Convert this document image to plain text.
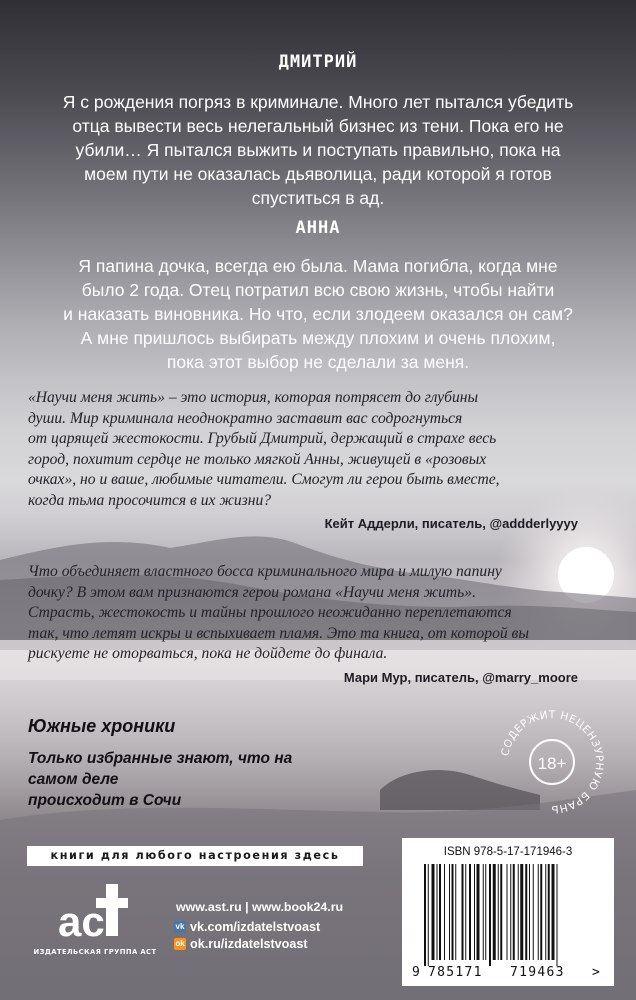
ДМИТРИЙ
Я с рождения погряз в криминале. Много лет пытался убедить
отца вывести весь нелегальный бизнес из тени. Пока его не
убили… Я пытался выжить и поступать правильно, пока на
моем пути не оказалась дьяволица, ради которой я готов
спуститься в ад.
АННА
Я папина дочка, всегда ею была. Мама погибла, когда мне
было 2 года. Отец потратил всю свою жизнь, чтобы найти
и наказать виновника. Но что, если злодеем оказался он сам?
А мне пришлось выбирать между плохим и очень плохим,
пока этот выбор не сделали за меня.
«Научи меня жить» – это история, которая потрясет до глубины
души. Мир криминала неоднократно заставит вас содрогнуться
от царящей жестокости. Грубый Дмитрий, держащий в страхе весь
город, похитит сердце не только мягкой Анны, живущей в «розовых
очках», но и ваше, любимые читатели. Смогут ли герои быть вместе,
когда тьма просочится в их жизни?
Кейт Аддерли, писатель, @addderlyyyy
Что объединяет властного босса криминального мира и милую папину
дочку? В этом вам признаются герои романа «Научи меня жить».
Страсть, жестокость и тайны прошлого неожиданно переплетаются
так, что летят искры и вспыхивает пламя. Это та книга, от которой вы
рискуете не оторваться, пока не дойдете до финала.
Мари Мур, писатель, @marry_moore
Южные хроники
Только избранные знают, что на самом деле
происходит в Сочи
18+
СОДЕРЖИТ НЕЦЕНЗУРНУЮ БРАНЬ
книги для любого настроения здесь
ac
ИЗДАТЕЛЬСКАЯ ГРУППА АСТ
www.ast.ru | www.book24.ru
vk vk.com/izdatelstvoast
ok ok.ru/izdatelstvoast
ISBN 978-5-17-171946-3
9 785171 719463 >
